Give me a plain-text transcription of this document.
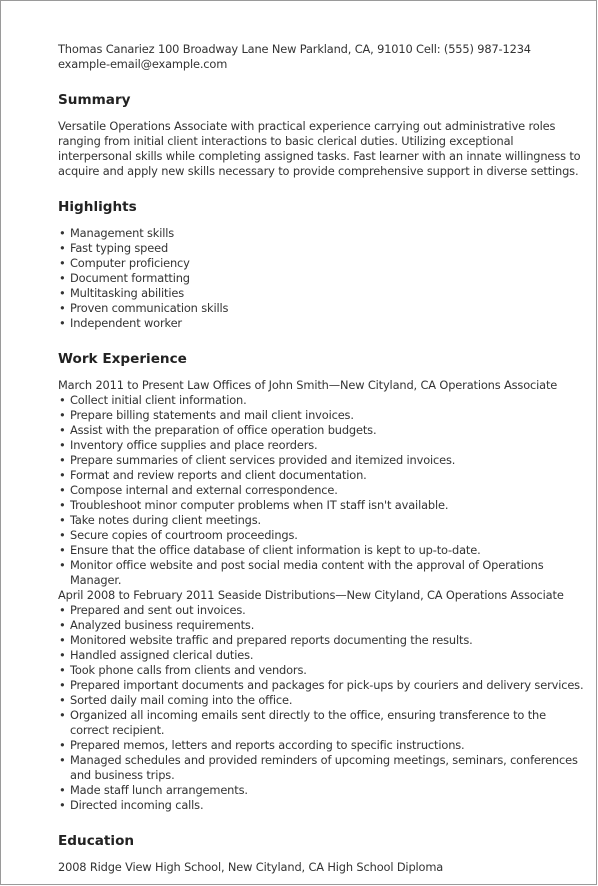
Thomas Canariez 100 Broadway Lane New Parkland, CA, 91010 Cell: (555) 987-1234 example-email@example.com

Summary

Versatile Operations Associate with practical experience carrying out administrative roles ranging from initial client interactions to basic clerical duties. Utilizing exceptional interpersonal skills while completing assigned tasks. Fast learner with an innate willingness to acquire and apply new skills necessary to provide comprehensive support in diverse settings.

Highlights
• Management skills
• Fast typing speed
• Computer proficiency
• Document formatting
• Multitasking abilities
• Proven communication skills
• Independent worker
Work Experience

March 2011 to Present Law Offices of John Smith—New Cityland, CA Operations Associate

• Collect initial client information.
• Prepare billing statements and mail client invoices.
• Assist with the preparation of office operation budgets.
• Inventory office supplies and place reorders.
• Prepare summaries of client services provided and itemized invoices.
• Format and review reports and client documentation.
• Compose internal and external correspondence.
• Troubleshoot minor computer problems when IT staff isn't available.
• Take notes during client meetings.
• Secure copies of courtroom proceedings.
• Ensure that the office database of client information is kept to up-to-date.
• Monitor office website and post social media content with the approval of Operations Manager.

April 2008 to February 2011 Seaside Distributions—New Cityland, CA Operations Associate

• Prepared and sent out invoices.
• Analyzed business requirements.
• Monitored website traffic and prepared reports documenting the results.
• Handled assigned clerical duties.
• Took phone calls from clients and vendors.
• Prepared important documents and packages for pick-ups by couriers and delivery services.
• Sorted daily mail coming into the office.
• Organized all incoming emails sent directly to the office, ensuring transference to the correct recipient.
• Prepared memos, letters and reports according to specific instructions.
• Managed schedules and provided reminders of upcoming meetings, seminars, conferences and business trips.
• Made staff lunch arrangements.
• Directed incoming calls.
Education

2008 Ridge View High School, New Cityland, CA High School Diploma
